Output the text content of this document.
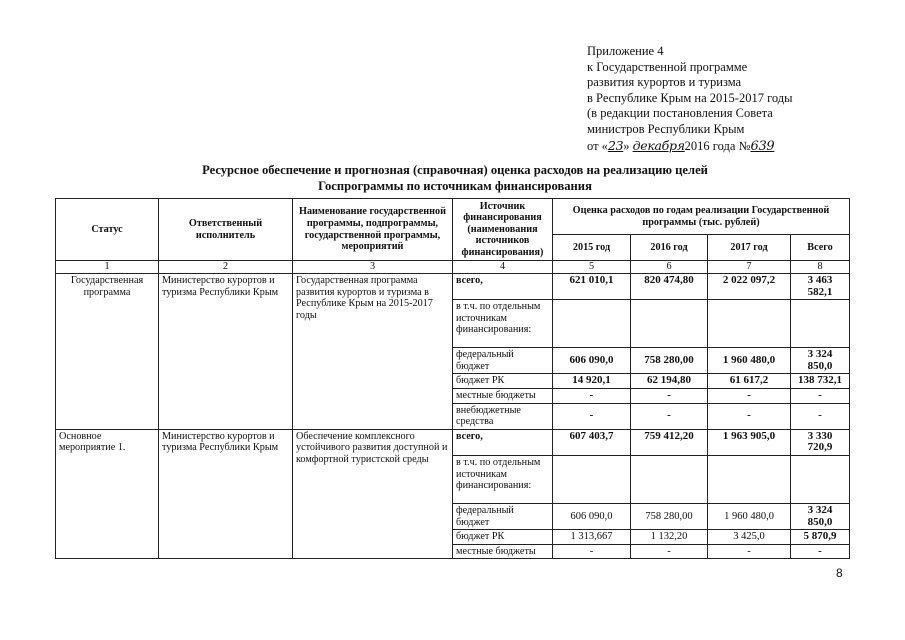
Приложение 4
к Государственной программе
развития курортов и туризма
в Республике Крым на 2015-2017 годы
(в редакции постановления Совета
министров Республики Крым
от «23» декабря2016 года №639
Ресурсное обеспечение и прогнозная (справочная) оценка расходов на реализацию целей
Госпрограммы по источникам финансирования
Статус	Ответственный исполнитель	Наименование государственной программы, подпрограммы, государственной программы, мероприятий	Источник финансирования (наименования источников финансирования)	Оценка расходов по годам реализации Государственной программы (тыс. рублей)			
				2015 год	2016 год	2017 год	Всего
1	2	3	4	5	6	7	8
Государственная программа	Министерство курортов и туризма Республики Крым	Государственная программа развития курортов и туризма в Республике Крым на 2015-2017 годы	всего,	621 010,1	820 474,80	2 022 097,2	3 463 582,1
			в т.ч. по отдельным источникам финансирования:				
			федеральный бюджет	606 090,0	758 280,00	1 960 480,0	3 324 850,0
			бюджет РК	14 920,1	62 194,80	61 617,2	138 732,1
			местные бюджеты	-	-	-	-
			внебюджетные средства	-	-	-	-
Основное мероприятие 1.	Министерство курортов и туризма Республики Крым	Обеспечение комплексного устойчивого развития доступной и комфортной туристской среды	всего,	607 403,7	759 412,20	1 963 905,0	3 330 720,9
			в т.ч. по отдельным источникам финансирования:				
			федеральный бюджет	606 090,0	758 280,00	1 960 480,0	3 324 850,0
			бюджет РК	1 313,667	1 132,20	3 425,0	5 870,9
			местные бюджеты	-	-	-	-
8
